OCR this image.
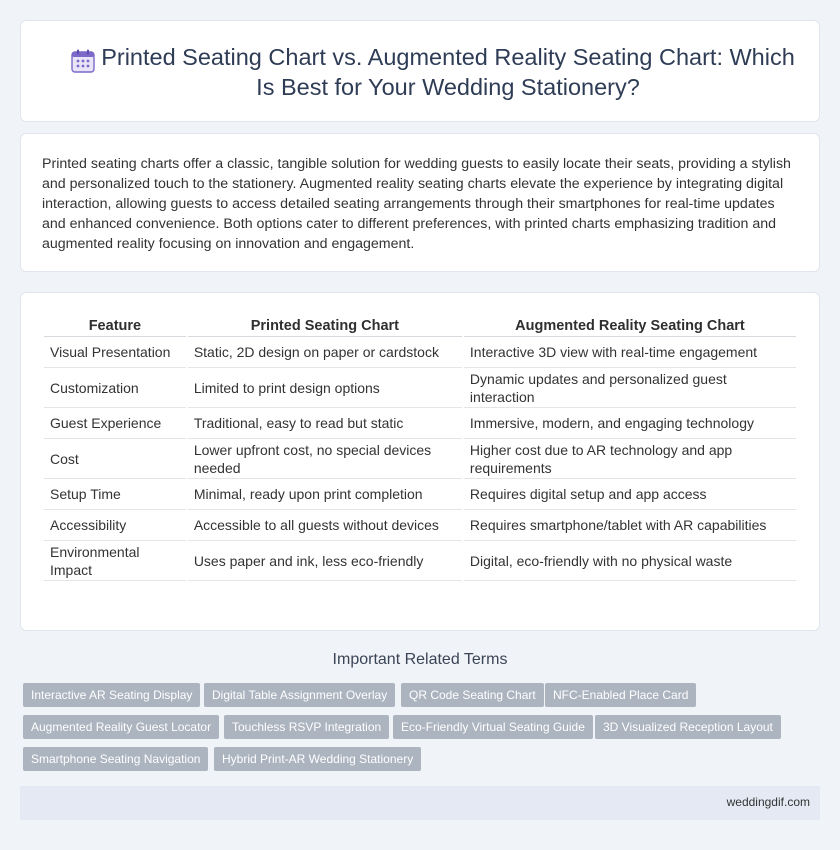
Printed Seating Chart vs. Augmented Reality Seating Chart: Which Is Best for Your Wedding Stationery?

Printed seating charts offer a classic, tangible solution for wedding guests to easily locate their seats, providing a stylish and personalized touch to the stationery. Augmented reality seating charts elevate the experience by integrating digital interaction, allowing guests to access detailed seating arrangements through their smartphones for real-time updates and enhanced convenience. Both options cater to different preferences, with printed charts emphasizing tradition and augmented reality focusing on innovation and engagement.

Feature	Printed Seating Chart	Augmented Reality Seating Chart
Visual Presentation	Static, 2D design on paper or cardstock	Interactive 3D view with real-time engagement
Customization	Limited to print design options	Dynamic updates and personalized guest interaction
Guest Experience	Traditional, easy to read but static	Immersive, modern, and engaging technology
Cost	Lower upfront cost, no special devices needed	Higher cost due to AR technology and app requirements
Setup Time	Minimal, ready upon print completion	Requires digital setup and app access
Accessibility	Accessible to all guests without devices	Requires smartphone/tablet with AR capabilities
Environmental Impact	Uses paper and ink, less eco-friendly	Digital, eco-friendly with no physical waste
Important Related Terms
Interactive AR Seating Display	Digital Table Assignment Overlay	QR Code Seating Chart	NFC-Enabled Place Card
Augmented Reality Guest Locator	Touchless RSVP Integration	Eco-Friendly Virtual Seating Guide	3D Visualized Reception Layout
Smartphone Seating Navigation	Hybrid Print-AR Wedding Stationery
weddingdif.com
